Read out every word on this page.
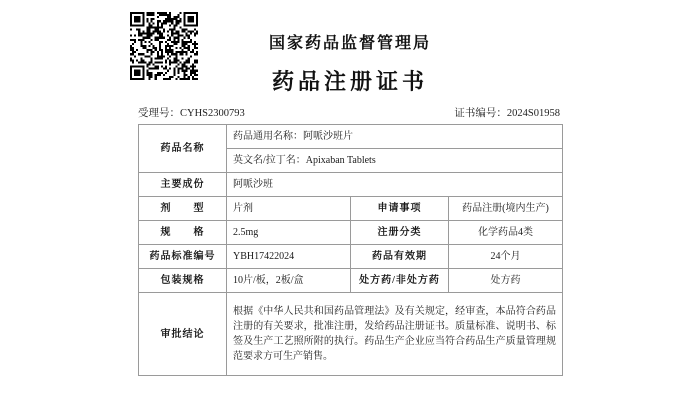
国家药品监督管理局
药品注册证书
受理号：CYHS2300793	证书编号：2024S01958
药品名称	药品通用名称：阿哌沙班片		
	英文名/拉丁名：Apixaban Tablets		
主要成份	阿哌沙班		
剂　　型	片剂	申请事项	药品注册(境内生产)
规　　格	2.5mg	注册分类	化学药品4类
药品标准编号	YBH17422024	药品有效期	24个月
包装规格	10片/板，2板/盒	处方药/非处方药	处方药
审批结论	根据《中华人民共和国药品管理法》及有关规定，经审查，本品符合药品注册的有关要求，批准注册，发给药品注册证书。质量标准、说明书、标签及生产工艺照所附的执行。药品生产企业应当符合药品生产质量管理规范要求方可生产销售。		
